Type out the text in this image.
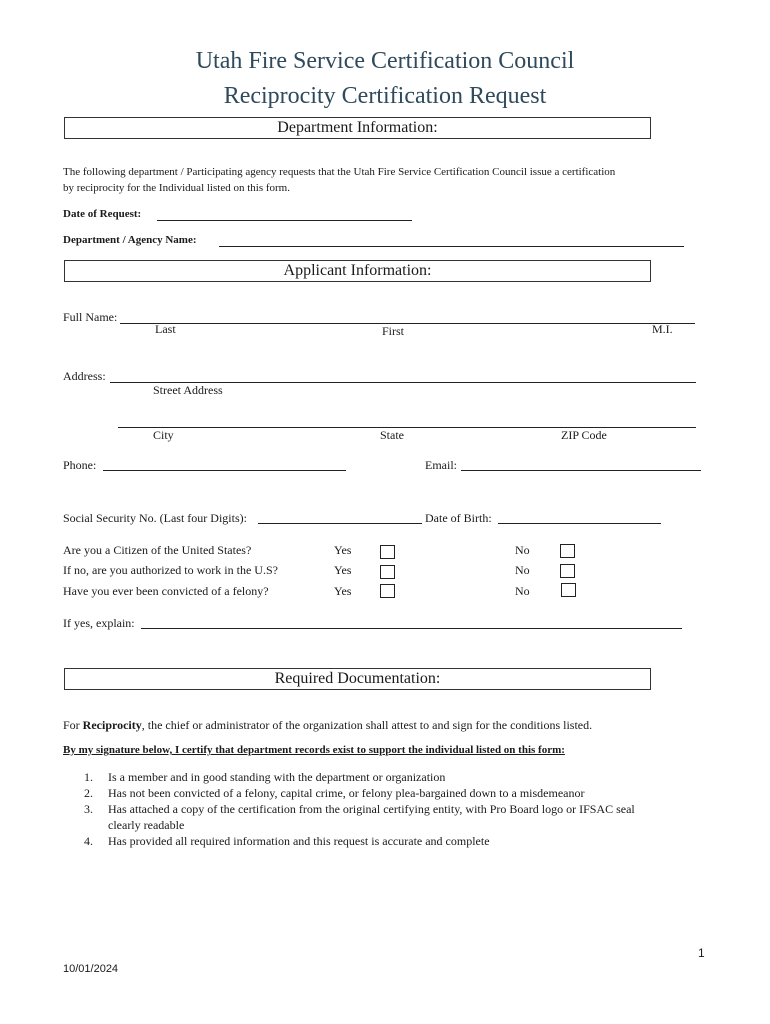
Utah Fire Service Certification Council
Reciprocity Certification Request
Department Information:
The following department / Participating agency requests that the Utah Fire Service Certification Council issue a certification
by reciprocity for the Individual listed on this form.
Date of Request:
Department / Agency Name:
Applicant Information:
Full Name:
Last	First	M.I.
Address:
Street Address
City	State	ZIP Code
Phone:	Email:
Social Security No. (Last four Digits):	Date of Birth:
Are you a Citizen of the United States?	Yes	No
If no, are you authorized to work in the U.S?	Yes	No
Have you ever been convicted of a felony?	Yes	No
If yes, explain:
Required Documentation:
For Reciprocity, the chief or administrator of the organization shall attest to and sign for the conditions listed.
By my signature below, I certify that department records exist to support the individual listed on this form:
1.	Is a member and in good standing with the department or organization
2.	Has not been convicted of a felony, capital crime, or felony plea-bargained down to a misdemeanor
3.	Has attached a copy of the certification from the original certifying entity, with Pro Board logo or IFSAC seal clearly readable
4.	Has provided all required information and this request is accurate and complete
1
10/01/2024
